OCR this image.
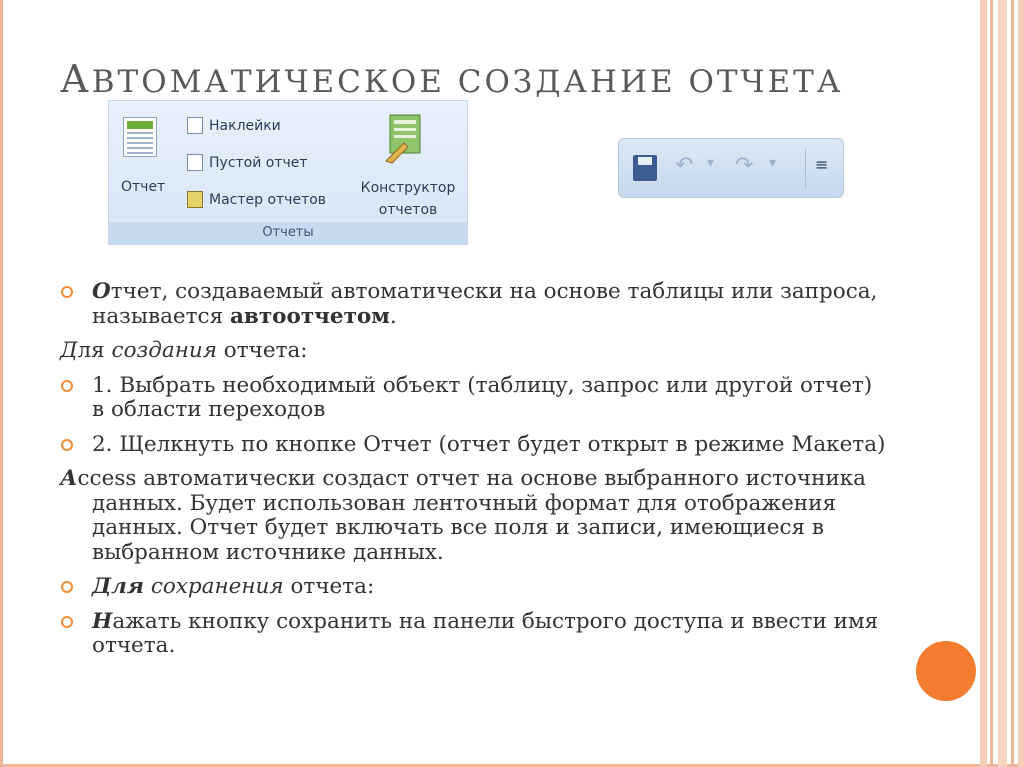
АВТОМАТИЧЕСКОЕ СОЗДАНИЕ ОТЧЕТА
Отчет
Наклейки
Пустой отчет
Мастер отчетов
Конструктор
отчетов
Отчеты
↶ ▾ ↷ ▾ ≡
Отчет, создаваемый автоматически на основе таблицы или запроса, называется автоотчетом.
Для создания отчета:
1. Выбрать необходимый объект (таблицу, запрос или другой отчет) в области переходов
2. Щелкнуть по кнопке Отчет (отчет будет открыт в режиме Макета)
Аccess автоматически создаст отчет на основе выбранного источника данных. Будет использован ленточный формат для отображения данных. Отчет будет включать все поля и записи, имеющиеся в выбранном источнике данных.
Для сохранения отчета:
Нажать кнопку сохранить на панели быстрого доступа и ввести имя отчета.
